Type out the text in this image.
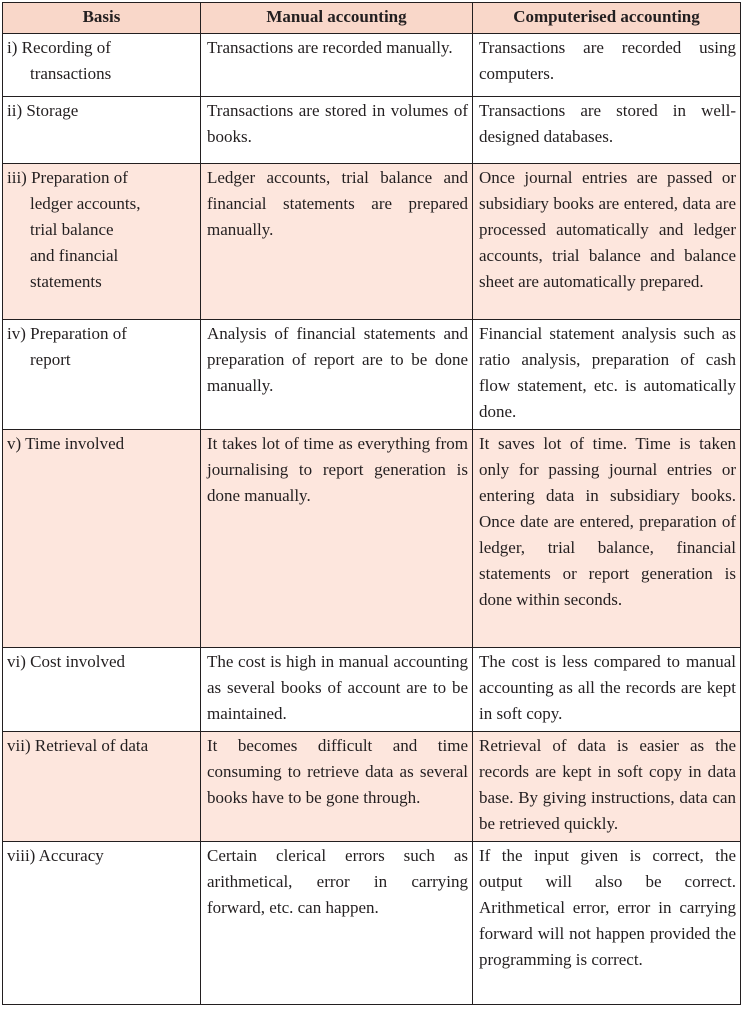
Basis	Manual accounting	Computerised accounting

i) Recording of
transactions	Transactions are recorded manually.	Transactions are recorded using computers.

ii) Storage	Transactions are stored in volumes of books.	Transactions are stored in well-designed databases.

iii) Preparation of
ledger accounts,
trial balance
and financial
statements	Ledger accounts, trial balance and financial statements are prepared manually.	Once journal entries are passed or subsidiary books are entered, data are processed automatically and ledger accounts, trial balance and balance sheet are automatically prepared.

iv) Preparation of
report	Analysis of financial statements and preparation of report are to be done manually.	Financial statement analysis such as ratio analysis, preparation of cash flow statement, etc. is automatically done.

v) Time involved	It takes lot of time as everything from journalising to report generation is done manually.	It saves lot of time. Time is taken only for passing journal entries or entering data in subsidiary books. Once date are entered, preparation of ledger, trial balance, financial statements or report generation is done within seconds.

vi) Cost involved	The cost is high in manual accounting as several books of account are to be maintained.	The cost is less compared to manual accounting as all the records are kept in soft copy.

vii) Retrieval of data	It becomes difficult and time consuming to retrieve data as several books have to be gone through.	Retrieval of data is easier as the records are kept in soft copy in data base. By giving instructions, data can be retrieved quickly.

viii) Accuracy	Certain clerical errors such as arithmetical, error in carrying forward, etc. can happen.	If the input given is correct, the output will also be correct. Arithmetical error, error in carrying forward will not happen provided the programming is correct.
